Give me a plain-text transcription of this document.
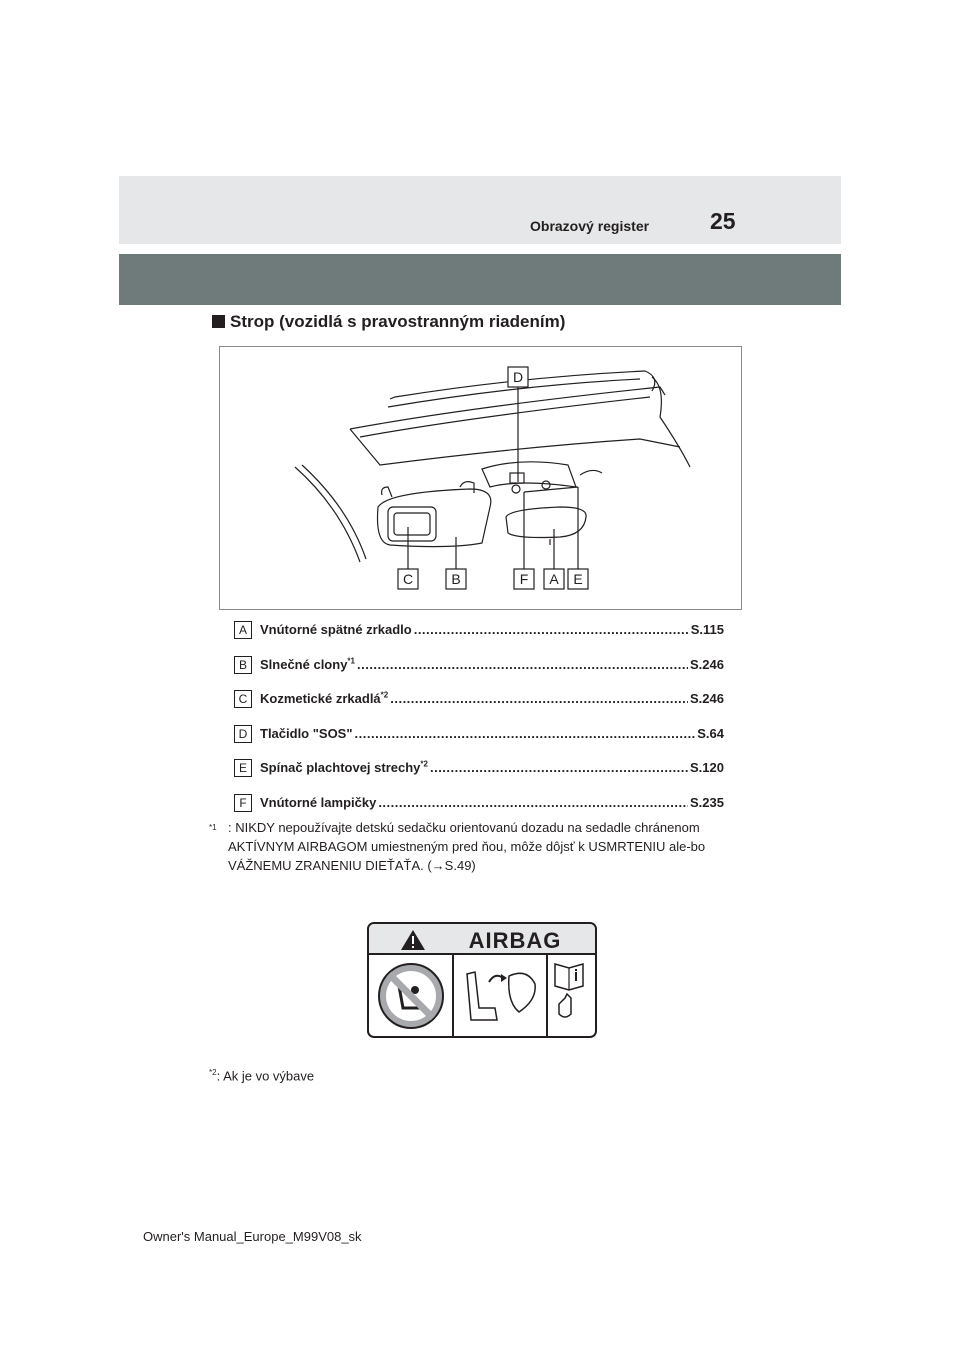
25
Obrazový register
Strop (vozidlá s pravostranným riadením)
D
C	B	F A E
A	Vnútorné spätné zrkadlo .....	S.115
B	Slnečné clony$^{*1}$ .....	S.246
C Kozmetické zrkadlá$^{*2}$ .....	S.246
D Tlačidlo "SOS" .....	S.64
E	Spínač plachtovej strechy$^{*2}$ .....	S.120
F	Vnútorné lampičky .....	S.235
$^{*1}$ : NIKDY nepoužívajte detskú sedačku orientovanú dozadu na sedadle chránenom AKTÍVNYM AIRBAGOM umiestneným pred ňou, môže dôjsť k USMRTENIU ale-bo VÁŽNEMU ZRANENIU DIEŤAŤA. (→S.49)
AIRBAG
$^{*2}$: Ak je vo výbave
Owner's Manual_Europe_M99V08_sk
